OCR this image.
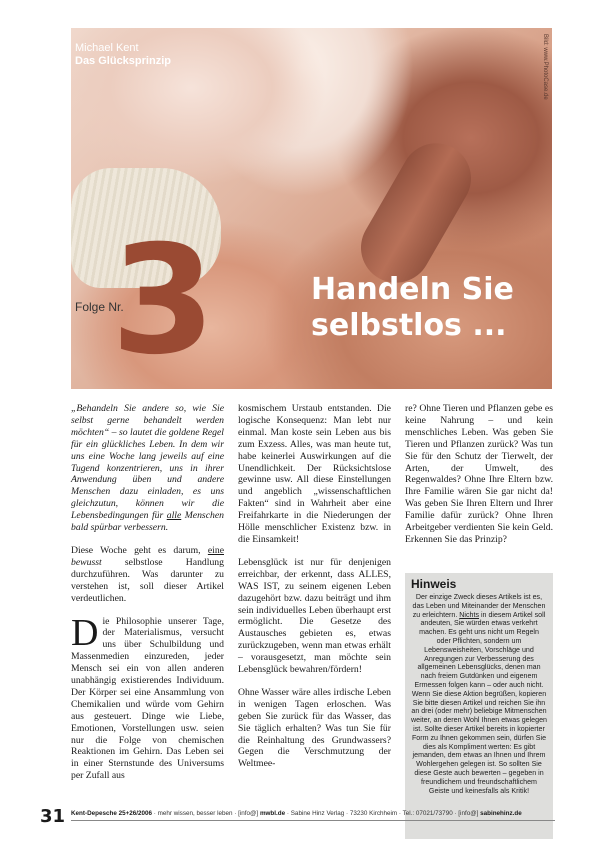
Michael Kent
Das Glücksprinzip	Bild: www.PhotoCase.de
3
Folge Nr.	Handeln Sie
selbstlos ...

„Behandeln Sie andere so, wie Sie selbst gerne behandelt werden möchten“ – so lautet die goldene Regel für ein glückliches Leben. In dem wir uns eine Woche lang jeweils auf eine Tugend konzentrieren, uns in ihrer Anwendung üben und andere Menschen dazu einladen, es uns gleichzutun, können wir die Lebensbedingungen für alle Menschen bald spürbar verbessern.

Diese Woche geht es darum, eine bewusst selbstlose Handlung durchzuführen. Was darunter zu verstehen ist, soll dieser Artikel verdeutlichen.

Die Philosophie unserer Tage, der Materialismus, versucht uns über Schulbildung und Massenmedien einzureden, jeder Mensch sei ein von allen anderen unabhängig existierendes Individuum. Der Körper sei eine Ansammlung von Chemikalien und würde vom Gehirn aus gesteuert. Dinge wie Liebe, Emotionen, Vorstellungen usw. seien nur die Folge von chemischen Reaktionen im Gehirn. Das Leben sei in einer Sternstunde des Universums per Zufall aus

kosmischem Urstaub entstanden. Die logische Konsequenz: Man lebt nur einmal. Man koste sein Leben aus bis zum Exzess. Alles, was man heute tut, habe keinerlei Auswirkungen auf die Unendlichkeit. Der Rücksichtslose gewinne usw. All diese Einstellungen und angeblich „wissenschaftlichen Fakten“ sind in Wahrheit aber eine Freifahrkarte in die Niederungen der Hölle menschlicher Existenz bzw. in die Einsamkeit!

Lebensglück ist nur für denjenigen erreichbar, der erkennt, dass ALLES, WAS IST, zu seinem eigenen Leben dazugehört bzw. dazu beiträgt und ihm sein individuelles Leben überhaupt erst ermöglicht. Die Gesetze des Austausches gebieten es, etwas zurückzugeben, wenn man etwas erhält – vorausgesetzt, man möchte sein Lebensglück bewahren/fördern!

Ohne Wasser wäre alles irdische Leben in wenigen Tagen erloschen. Was geben Sie zurück für das Wasser, das Sie täglich erhalten? Was tun Sie für die Reinhaltung des Grundwassers? Gegen die Verschmutzung der Weltmee-

re? Ohne Tieren und Pflanzen gebe es keine Nahrung – und kein menschliches Leben. Was geben Sie Tieren und Pflanzen zurück? Was tun Sie für den Schutz der Tierwelt, der Arten, der Umwelt, des Regenwaldes? Ohne Ihre Eltern bzw. Ihre Familie wären Sie gar nicht da! Was geben Sie Ihren Eltern und Ihrer Familie dafür zurück? Ohne Ihren Arbeitgeber verdienten Sie kein Geld. Erkennen Sie das Prinzip?

Hinweis

Der einzige Zweck dieses Artikels ist es, das Leben und Miteinander der Menschen zu erleichtern. Nichts in diesem Artikel soll andeuten, Sie würden etwas verkehrt machen. Es geht uns nicht um Regeln oder Pflichten, sondern um Lebensweisheiten, Vorschläge und Anregungen zur Verbesserung des allgemeinen Lebensglücks, denen man nach freiem Gutdünken und eigenem Ermessen folgen kann – oder auch nicht.

Wenn Sie diese Aktion begrüßen, kopieren Sie bitte diesen Artikel und reichen Sie ihn an drei (oder mehr) beliebige Mitmenschen weiter, an deren Wohl Ihnen etwas gelegen ist. Sollte dieser Artikel bereits in kopierter Form zu Ihnen gekommen sein, dürfen Sie dies als Kompliment werten: Es gibt jemanden, dem etwas an Ihnen und Ihrem Wohlergehen gelegen ist. So sollten Sie diese Geste auch bewerten – gegeben in freundlichem und freundschaftlichem Geiste und keinesfalls als Kritik!

31 Kent-Depesche 25+26/2006 · mehr wissen, besser leben · [info@] mwbl.de · Sabine Hinz Verlag · 73230 Kirchheim · Tel.: 07021/73790 · [info@] sabinehinz.de
